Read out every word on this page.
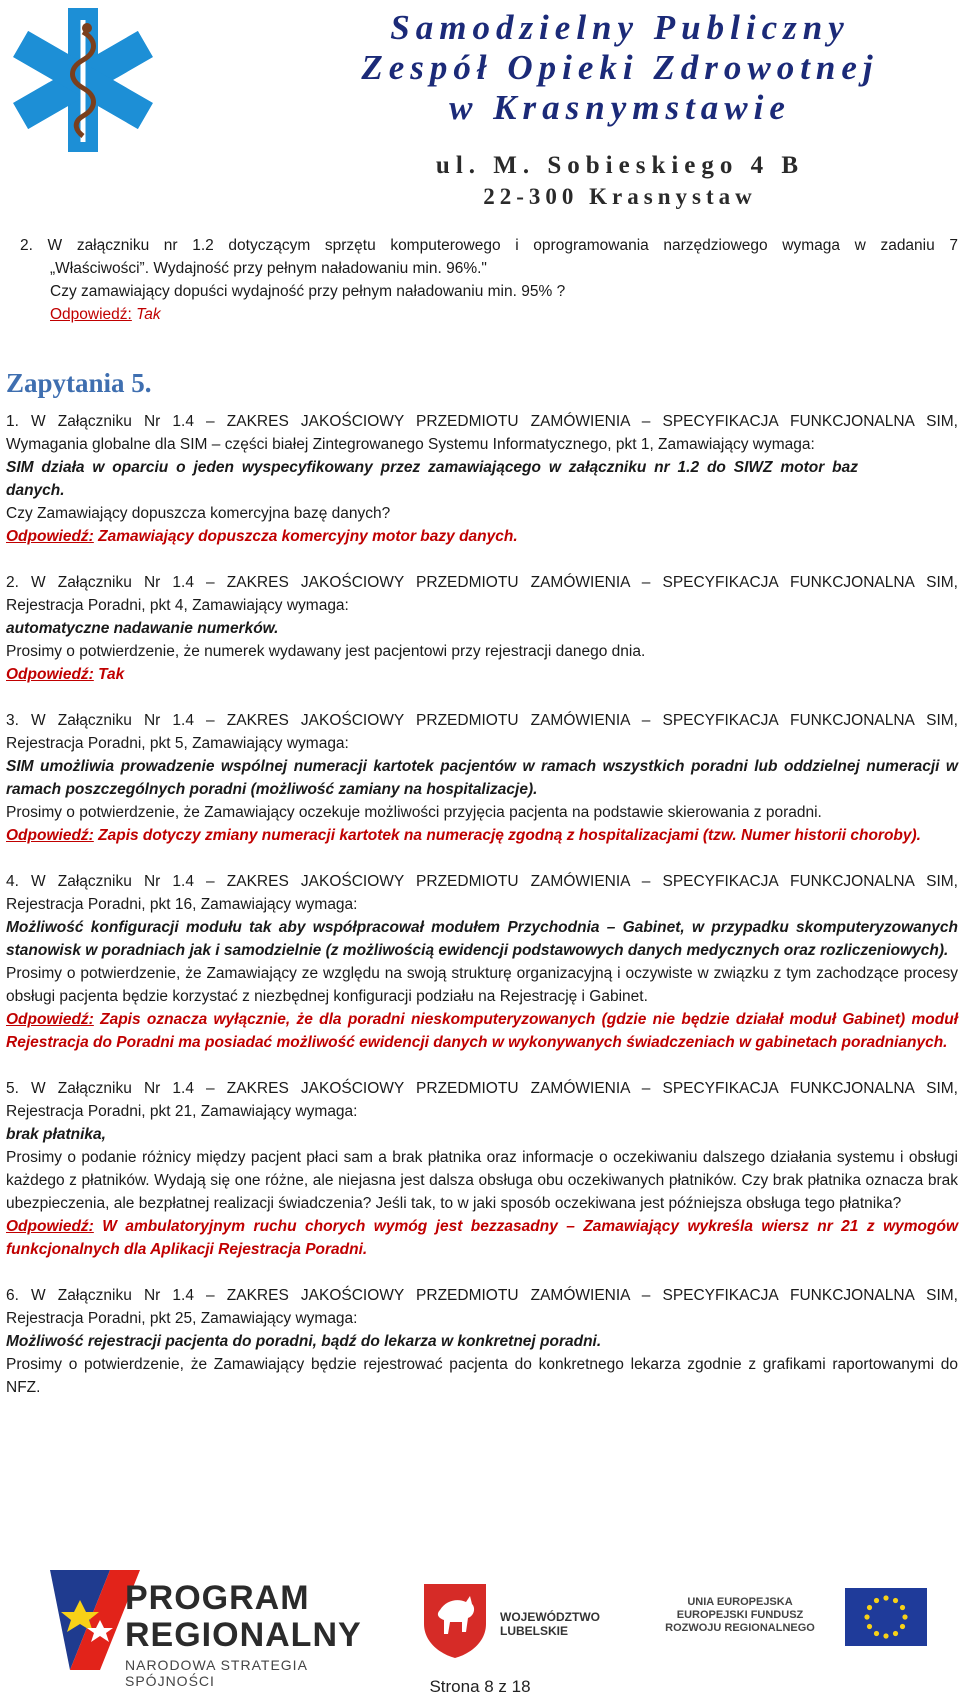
Samodzielny Publiczny
Zespół Opieki Zdrowotnej
w Krasnymstawie
ul. M. Sobieskiego 4 B
22-300 Krasnystaw

2. W załączniku nr 1.2 dotyczącym sprzętu komputerowego i oprogramowania narzędziowego wymaga w zadaniu 7

„Właściwości”. Wydajność przy pełnym naładowaniu min. 96%."

Czy zamawiający dopuści wydajność przy pełnym naładowaniu min. 95% ?

Odpowiedź: Tak

Zapytania 5.

1. W Załączniku Nr 1.4 – ZAKRES JAKOŚCIOWY PRZEDMIOTU ZAMÓWIENIA – SPECYFIKACJA FUNKCJONALNA SIM,

Wymagania globalne dla SIM – części białej Zintegrowanego Systemu Informatycznego, pkt 1, Zamawiający wymaga:

SIM działa w oparciu o jeden wyspecyfikowany przez zamawiającego w załączniku nr 1.2 do SIWZ motor baz danych.

Czy Zamawiający dopuszcza komercyjna bazę danych?

Odpowiedź: Zamawiający dopuszcza komercyjny motor bazy danych.

2. W Załączniku Nr 1.4 – ZAKRES JAKOŚCIOWY PRZEDMIOTU ZAMÓWIENIA – SPECYFIKACJA FUNKCJONALNA SIM,

Rejestracja Poradni, pkt 4, Zamawiający wymaga:

automatyczne nadawanie numerków.

Prosimy o potwierdzenie, że numerek wydawany jest pacjentowi przy rejestracji danego dnia.

Odpowiedź: Tak

3. W Załączniku Nr 1.4 – ZAKRES JAKOŚCIOWY PRZEDMIOTU ZAMÓWIENIA – SPECYFIKACJA FUNKCJONALNA SIM,

Rejestracja Poradni, pkt 5, Zamawiający wymaga:

SIM umożliwia prowadzenie wspólnej numeracji kartotek pacjentów w ramach wszystkich poradni lub oddzielnej numeracji w ramach poszczególnych poradni (możliwość zamiany na hospitalizacje).

Prosimy o potwierdzenie, że Zamawiający oczekuje możliwości przyjęcia pacjenta na podstawie skierowania z poradni.

Odpowiedź: Zapis dotyczy zmiany numeracji kartotek na numerację zgodną z hospitalizacjami (tzw. Numer historii choroby).

4. W Załączniku Nr 1.4 – ZAKRES JAKOŚCIOWY PRZEDMIOTU ZAMÓWIENIA – SPECYFIKACJA FUNKCJONALNA SIM,

Rejestracja Poradni, pkt 16, Zamawiający wymaga:

Możliwość konfiguracji modułu tak aby współpracował modułem Przychodnia – Gabinet, w przypadku skomputeryzowanych stanowisk w poradniach jak i samodzielnie (z możliwością ewidencji podstawowych danych medycznych oraz rozliczeniowych).

Prosimy o potwierdzenie, że Zamawiający ze względu na swoją strukturę organizacyjną i oczywiste w związku z tym zachodzące procesy obsługi pacjenta będzie korzystać z niezbędnej konfiguracji podziału na Rejestrację i Gabinet.

Odpowiedź: Zapis oznacza wyłącznie, że dla poradni nieskomputeryzowanych (gdzie nie będzie działał moduł Gabinet) moduł Rejestracja do Poradni ma posiadać możliwość ewidencji danych w wykonywanych świadczeniach w gabinetach poradnianych.

5. W Załączniku Nr 1.4 – ZAKRES JAKOŚCIOWY PRZEDMIOTU ZAMÓWIENIA – SPECYFIKACJA FUNKCJONALNA SIM,

Rejestracja Poradni, pkt 21, Zamawiający wymaga:

brak płatnika,

Prosimy o podanie różnicy między pacjent płaci sam a brak płatnika oraz informacje o oczekiwaniu dalszego działania systemu i obsługi każdego z płatników. Wydają się one różne, ale niejasna jest dalsza obsługa obu oczekiwanych płatników. Czy brak płatnika oznacza brak ubezpieczenia, ale bezpłatnej realizacji świadczenia? Jeśli tak, to w jaki sposób oczekiwana jest późniejsza obsługa tego płatnika?

Odpowiedź: W ambulatoryjnym ruchu chorych wymóg jest bezzasadny – Zamawiający wykreśla wiersz nr 21 z wymogów funkcjonalnych dla Aplikacji Rejestracja Poradni.

6. W Załączniku Nr 1.4 – ZAKRES JAKOŚCIOWY PRZEDMIOTU ZAMÓWIENIA – SPECYFIKACJA FUNKCJONALNA SIM,

Rejestracja Poradni, pkt 25, Zamawiający wymaga:

Możliwość rejestracji pacjenta do poradni, bądź do lekarza w konkretnej poradni.

Prosimy o potwierdzenie, że Zamawiający będzie rejestrować pacjenta do konkretnego lekarza zgodnie z grafikami raportowanymi do NFZ.

PROGRAM
REGIONALNY
NARODOWA STRATEGIA SPÓJNOŚCI
WOJEWÓDZTWO
LUBELSKIE
UNIA EUROPEJSKA
EUROPEJSKI FUNDUSZ
ROZWOJU REGIONALNEGO
Strona 8 z 18
